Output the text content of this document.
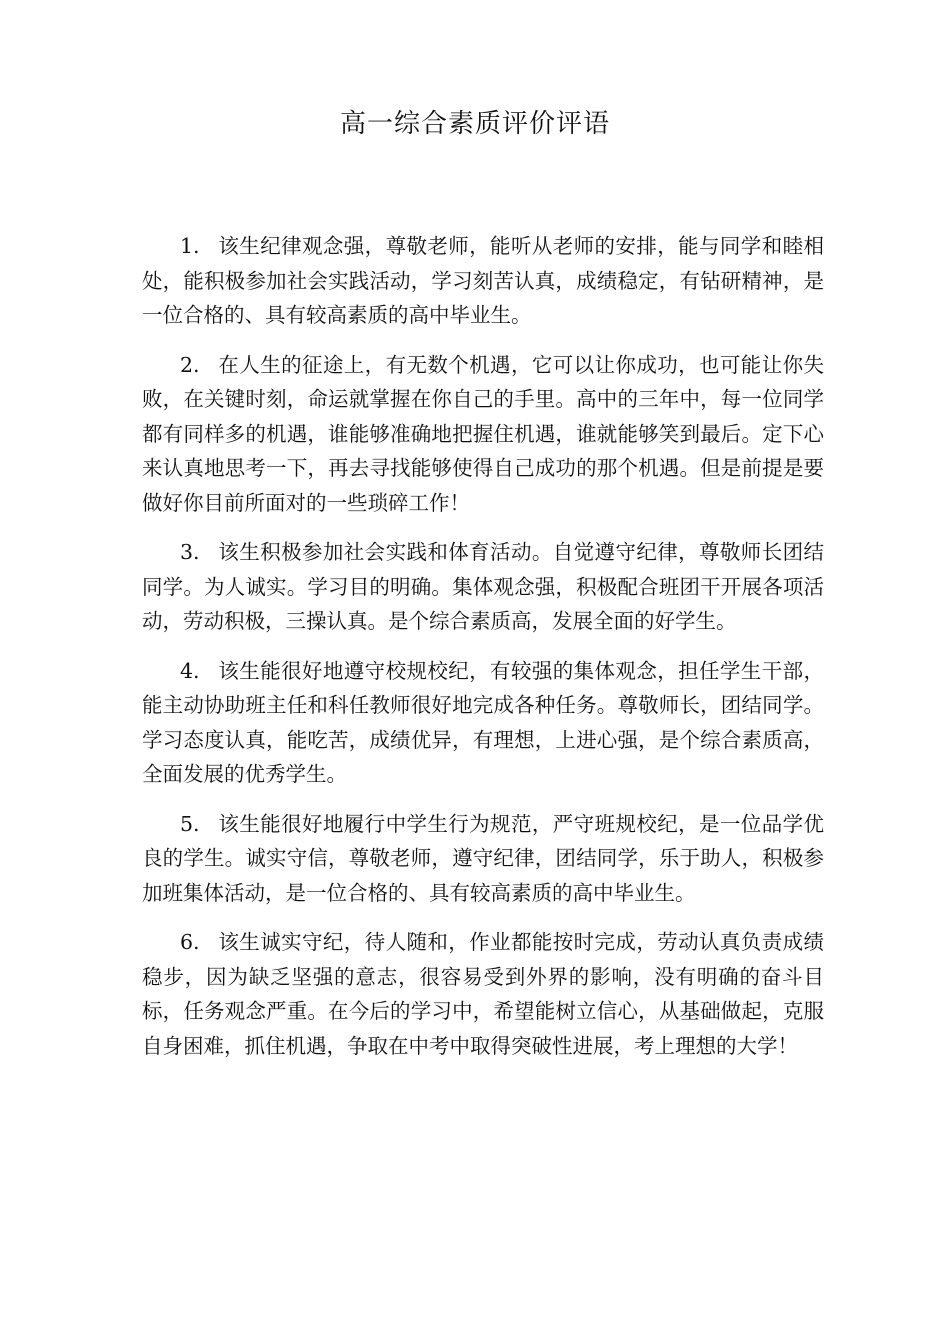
高一综合素质评价评语

1. 该生纪律观念强，尊敬老师，能听从老师的安排，能与同学和睦相处，能积极参加社会实践活动，学习刻苦认真，成绩稳定，有钻研精神，是一位合格的、具有较高素质的高中毕业生。

2. 在人生的征途上，有无数个机遇，它可以让你成功，也可能让你失败，在关键时刻，命运就掌握在你自己的手里。高中的三年中，每一位同学都有同样多的机遇，谁能够准确地把握住机遇，谁就能够笑到最后。定下心来认真地思考一下，再去寻找能够使得自己成功的那个机遇。但是前提是要做好你目前所面对的一些琐碎工作！

3. 该生积极参加社会实践和体育活动。自觉遵守纪律，尊敬师长团结同学。为人诚实。学习目的明确。集体观念强，积极配合班团干开展各项活动，劳动积极，三操认真。是个综合素质高，发展全面的好学生。

4. 该生能很好地遵守校规校纪，有较强的集体观念，担任学生干部，能主动协助班主任和科任教师很好地完成各种任务。尊敬师长，团结同学。学习态度认真，能吃苦，成绩优异，有理想，上进心强，是个综合素质高，全面发展的优秀学生。

5. 该生能很好地履行中学生行为规范，严守班规校纪，是一位品学优良的学生。诚实守信，尊敬老师，遵守纪律，团结同学，乐于助人，积极参加班集体活动，是一位合格的、具有较高素质的高中毕业生。

6. 该生诚实守纪，待人随和，作业都能按时完成，劳动认真负责成绩稳步，因为缺乏坚强的意志，很容易受到外界的影响，没有明确的奋斗目标，任务观念严重。在今后的学习中，希望能树立信心，从基础做起，克服自身困难，抓住机遇，争取在中考中取得突破性进展，考上理想的大学！
